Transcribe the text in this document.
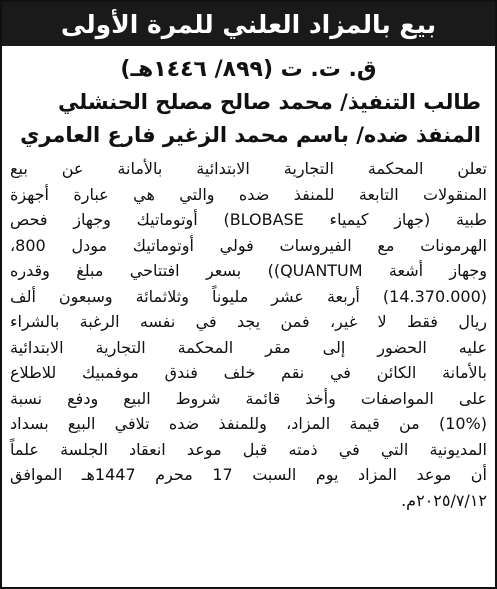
بيع بالمزاد العلني للمرة الأولى
ق. ت. ت (٨٩٩/ ١٤٤٦هـ)
طالب التنفيذ/ محمد صالح مصلح الحنشلي
المنفذ ضده/ باسم محمد الزغير فارع العامري
تعلن المحكمة التجارية الابتدائية بالأمانة عن بيع
المنقولات التابعة للمنفذ ضده والتي هي عبارة أجهزة
طبية (جهاز كيمياء BLOBASE) أوتوماتيك وجهاز فحص
الهرمونات مع الفيروسات فولي أوتوماتيك مودل 800،
وجهاز أشعة QUANTUM)) بسعر افتتاحي مبلغ وقدره
(14.370.000) أربعة عشر مليوناً وثلاثمائة وسبعون ألف
ريال فقط لا غير، فمن يجد في نفسه الرغبة بالشراء
عليه الحضور إلى مقر المحكمة التجارية الابتدائية
بالأمانة الكائن في نقم خلف فندق موفمبيك للاطلاع
على المواصفات وأخذ قائمة شروط البيع ودفع نسبة
(10%) من قيمة المزاد، وللمنفذ ضده تلافي البيع بسداد
المديونية التي في ذمته قبل موعد انعقاد الجلسة علماً
أن موعد المزاد يوم السبت 17 محرم 1447هـ الموافق
٢٠٢٥/٧/١٢م.
